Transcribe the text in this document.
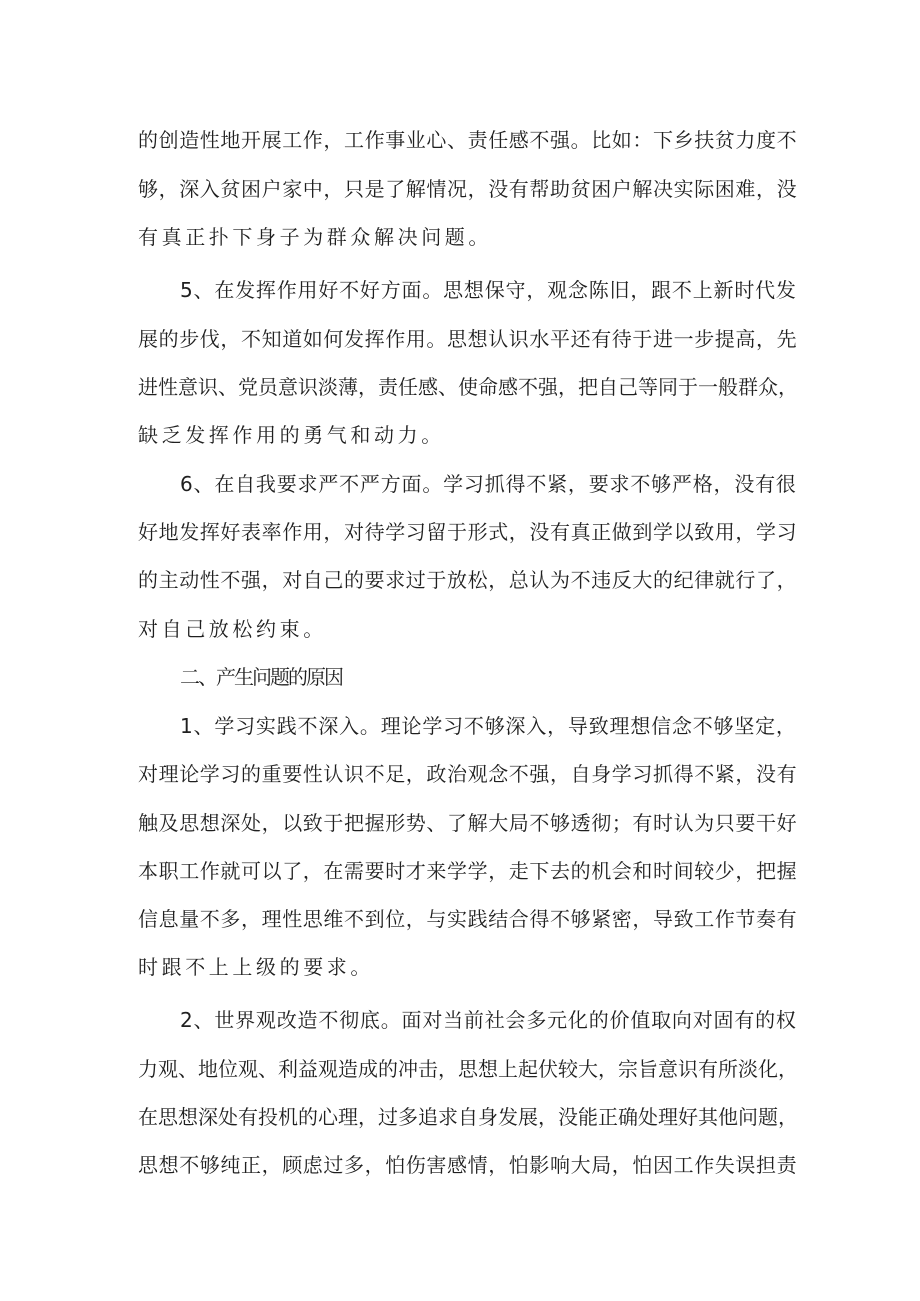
的创造性地开展工作，工作事业心、责任感不强。比如：下乡扶贫力度不
够，深入贫困户家中，只是了解情况，没有帮助贫困户解决实际困难，没
有真正扑下身子为群众解决问题。
5、在发挥作用好不好方面。思想保守，观念陈旧，跟不上新时代发
展的步伐，不知道如何发挥作用。思想认识水平还有待于进一步提高，先
进性意识、党员意识淡薄，责任感、使命感不强，把自己等同于一般群众，
缺乏发挥作用的勇气和动力。
6、在自我要求严不严方面。学习抓得不紧，要求不够严格，没有很
好地发挥好表率作用，对待学习留于形式，没有真正做到学以致用，学习
的主动性不强，对自己的要求过于放松，总认为不违反大的纪律就行了，
对自己放松约束。
二、产生问题的原因
1、学习实践不深入。理论学习不够深入，导致理想信念不够坚定，
对理论学习的重要性认识不足，政治观念不强，自身学习抓得不紧，没有
触及思想深处，以致于把握形势、了解大局不够透彻；有时认为只要干好
本职工作就可以了，在需要时才来学学，走下去的机会和时间较少，把握
信息量不多，理性思维不到位，与实践结合得不够紧密，导致工作节奏有
时跟不上上级的要求。
2、世界观改造不彻底。面对当前社会多元化的价值取向对固有的权
力观、地位观、利益观造成的冲击，思想上起伏较大，宗旨意识有所淡化，
在思想深处有投机的心理，过多追求自身发展，没能正确处理好其他问题，
思想不够纯正，顾虑过多，怕伤害感情，怕影响大局，怕因工作失误担责
